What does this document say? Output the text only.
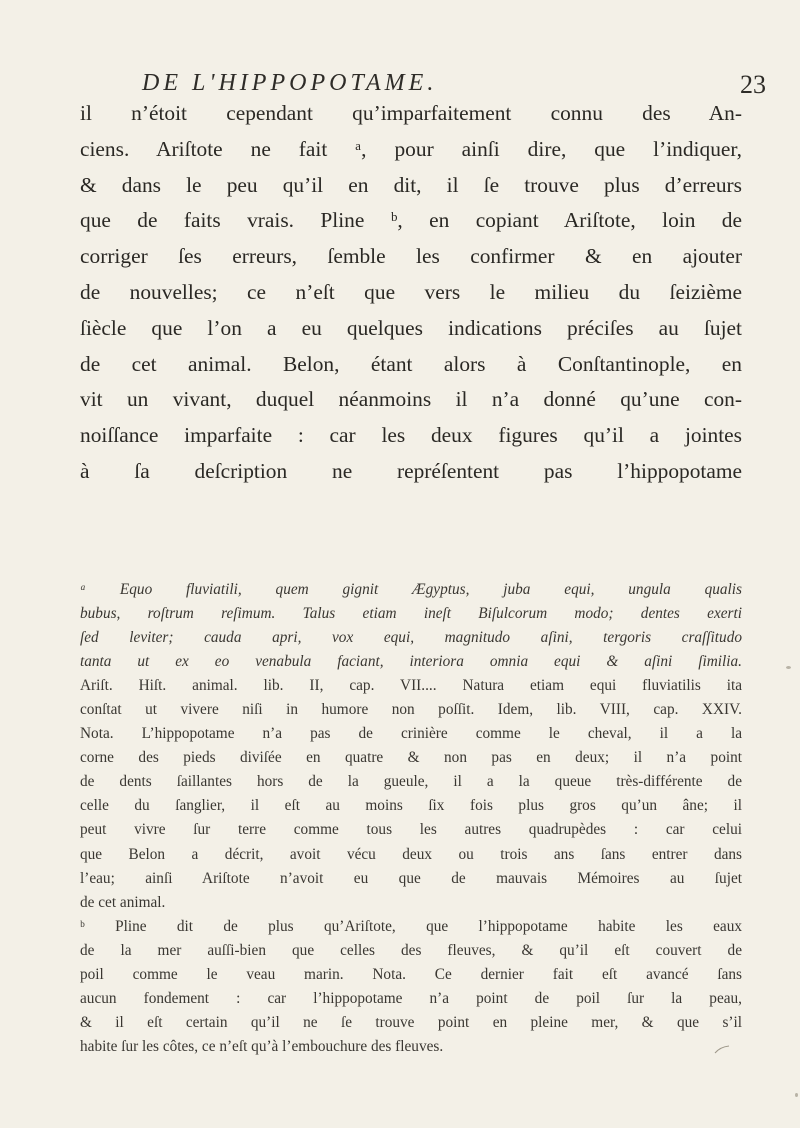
DE L'HIPPOPOTAME.	23
il n’étoit cependant qu’imparfaitement connu des An-
ciens. Ariſtote ne fait ᵃ, pour ainſi dire, que l’indiquer,
& dans le peu qu’il en dit, il ſe trouve plus d’erreurs
que de faits vrais. Pline ᵇ, en copiant Ariſtote, loin de
corriger ſes erreurs, ſemble les confirmer & en ajouter
de nouvelles; ce n’eſt que vers le milieu du ſeizième
ſiècle que l’on a eu quelques indications préciſes au ſujet
de cet animal. Belon, étant alors à Conſtantinople, en
vit un vivant, duquel néanmoins il n’a donné qu’une con-
noiſſance imparfaite : car les deux figures qu’il a jointes
à ſa deſcription ne repréſentent pas l’hippopotame
ᵃ Equo fluviatili, quem gignit Ægyptus, juba equi, ungula qualis
bubus, roſtrum reſimum. Talus etiam ineſt Biſulcorum modo; dentes exerti
ſed leviter; cauda apri, vox equi, magnitudo aſini, tergoris craſſitudo
tanta ut ex eo venabula faciant, interiora omnia equi & aſini ſimilia.
Ariſt. Hiſt. animal. lib. II, cap. VII.... Natura etiam equi fluviatilis ita
conſtat ut vivere niſi in humore non poſſit. Idem, lib. VIII, cap. XXIV.
Nota. L’hippopotame n’a pas de crinière comme le cheval, il a la
corne des pieds diviſée en quatre & non pas en deux; il n’a point
de dents ſaillantes hors de la gueule, il a la queue très-différente de
celle du ſanglier, il eſt au moins ſix fois plus gros qu’un âne; il
peut vivre ſur terre comme tous les autres quadrupèdes : car celui
que Belon a décrit, avoit vécu deux ou trois ans ſans entrer dans
l’eau; ainſi Ariſtote n’avoit eu que de mauvais Mémoires au ſujet
de cet animal.
ᵇ Pline dit de plus qu’Ariſtote, que l’hippopotame habite les eaux
de la mer auſſi-bien que celles des fleuves, & qu’il eſt couvert de
poil comme le veau marin. Nota. Ce dernier fait eſt avancé ſans
aucun fondement : car l’hippopotame n’a point de poil ſur la peau,
& il eſt certain qu’il ne ſe trouve point en pleine mer, & que s’il
habite ſur les côtes, ce n’eſt qu’à l’embouchure des fleuves.
